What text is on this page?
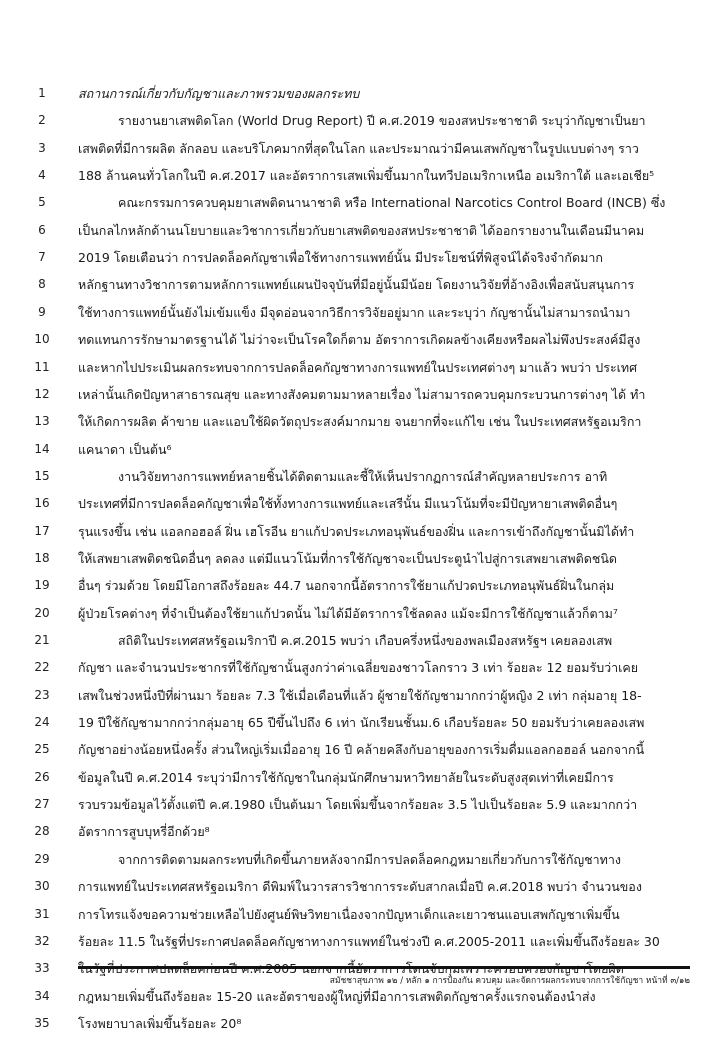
1	สถานการณ์เกี่ยวกับกัญชาและภาพรวมของผลกระทบ
2	รายงานยาเสพติดโลก (World Drug Report) ปี ค.ศ.2019 ของสหประชาชาติ ระบุว่ากัญชาเป็นยา
3	เสพติดที่มีการผลิต ลักลอบ และบริโภคมากที่สุดในโลก และประมาณว่ามีคนเสพกัญชาในรูปแบบต่างๆ ราว
4	188 ล้านคนทั่วโลกในปี ค.ศ.2017 และอัตราการเสพเพิ่มขึ้นมากในทวีปอเมริกาเหนือ อเมริกาใต้ และเอเชีย⁵
5	คณะกรรมการควบคุมยาเสพติดนานาชาติ หรือ International Narcotics Control Board (INCB) ซึ่ง
6	เป็นกลไกหลักด้านนโยบายและวิชาการเกี่ยวกับยาเสพติดของสหประชาชาติ ได้ออกรายงานในเดือนมีนาคม
7	2019 โดยเตือนว่า การปลดล็อคกัญชาเพื่อใช้ทางการแพทย์นั้น มีประโยชน์ที่พิสูจน์ได้จริงจำกัดมาก
8	หลักฐานทางวิชาการตามหลักการแพทย์แผนปัจจุบันที่มีอยู่นั้นมีน้อย โดยงานวิจัยที่อ้างอิงเพื่อสนับสนุนการ
9	ใช้ทางการแพทย์นั้นยังไม่เข้มแข็ง มีจุดอ่อนจากวิธีการวิจัยอยู่มาก และระบุว่า กัญชานั้นไม่สามารถนำมา
10	ทดแทนการรักษามาตรฐานได้ ไม่ว่าจะเป็นโรคใดก็ตาม อัตราการเกิดผลข้างเคียงหรือผลไม่พึงประสงค์มีสูง
11	และหากไปประเมินผลกระทบจากการปลดล็อคกัญชาทางการแพทย์ในประเทศต่างๆ มาแล้ว พบว่า ประเทศ
12	เหล่านั้นเกิดปัญหาสาธารณสุข และทางสังคมตามมาหลายเรื่อง ไม่สามารถควบคุมกระบวนการต่างๆ ได้ ทำ
13	ให้เกิดการผลิต ค้าขาย และแอบใช้ผิดวัตถุประสงค์มากมาย จนยากที่จะแก้ไข เช่น ในประเทศสหรัฐอเมริกา
14	แคนาดา เป็นต้น⁶
15	งานวิจัยทางการแพทย์หลายชิ้นได้ติดตามและชี้ให้เห็นปรากฏการณ์สำคัญหลายประการ อาทิ
16	ประเทศที่มีการปลดล็อคกัญชาเพื่อใช้ทั้งทางการแพทย์และเสรีนั้น มีแนวโน้มที่จะมีปัญหายาเสพติดอื่นๆ
17	รุนแรงขึ้น เช่น แอลกอฮอล์ ฝิ่น เฮโรอีน ยาแก้ปวดประเภทอนุพันธ์ของฝิ่น และการเข้าถึงกัญชานั้นมิได้ทำ
18	ให้เสพยาเสพติดชนิดอื่นๆ ลดลง แต่มีแนวโน้มที่การใช้กัญชาจะเป็นประตูนำไปสู่การเสพยาเสพติดชนิด
19	อื่นๆ ร่วมด้วย โดยมีโอกาสถึงร้อยละ 44.7 นอกจากนี้อัตราการใช้ยาแก้ปวดประเภทอนุพันธ์ฝิ่นในกลุ่ม
20	ผู้ป่วยโรคต่างๆ ที่จำเป็นต้องใช้ยาแก้ปวดนั้น ไม่ได้มีอัตราการใช้ลดลง แม้จะมีการใช้กัญชาแล้วก็ตาม⁷
21	สถิติในประเทศสหรัฐอเมริกาปี ค.ศ.2015 พบว่า เกือบครึ่งหนึ่งของพลเมืองสหรัฐฯ เคยลองเสพ
22	กัญชา และจำนวนประชากรที่ใช้กัญชานั้นสูงกว่าค่าเฉลี่ยของชาวโลกราว 3 เท่า ร้อยละ 12 ยอมรับว่าเคย
23	เสพในช่วงหนึ่งปีที่ผ่านมา ร้อยละ 7.3 ใช้เมื่อเดือนที่แล้ว ผู้ชายใช้กัญชามากกว่าผู้หญิง 2 เท่า กลุ่มอายุ 18-
24	19 ปีใช้กัญชามากกว่ากลุ่มอายุ 65 ปีขึ้นไปถึง 6 เท่า นักเรียนชั้นม.6 เกือบร้อยละ 50 ยอมรับว่าเคยลองเสพ
25	กัญชาอย่างน้อยหนึ่งครั้ง ส่วนใหญ่เริ่มเมื่ออายุ 16 ปี คล้ายคลึงกับอายุของการเริ่มดื่มแอลกอฮอล์ นอกจากนี้
26	ข้อมูลในปี ค.ศ.2014 ระบุว่ามีการใช้กัญชาในกลุ่มนักศึกษามหาวิทยาลัยในระดับสูงสุดเท่าที่เคยมีการ
27	รวบรวมข้อมูลไว้ตั้งแต่ปี ค.ศ.1980 เป็นต้นมา โดยเพิ่มขึ้นจากร้อยละ 3.5 ไปเป็นร้อยละ 5.9 และมากกว่า
28	อัตราการสูบบุหรี่อีกด้วย⁸
29	จากการติดตามผลกระทบที่เกิดขึ้นภายหลังจากมีการปลดล็อคกฎหมายเกี่ยวกับการใช้กัญชาทาง
30	การแพทย์ในประเทศสหรัฐอเมริกา ดีพิมพ์ในวารสารวิชาการระดับสากลเมื่อปี ค.ศ.2018 พบว่า จำนวนของ
31	การโทรแจ้งขอความช่วยเหลือไปยังศูนย์พิษวิทยาเนื่องจากปัญหาเด็กและเยาวชนแอบเสพกัญชาเพิ่มขึ้น
32	ร้อยละ 11.5 ในรัฐที่ประกาศปลดล็อคกัญชาทางการแพทย์ในช่วงปี ค.ศ.2005-2011 และเพิ่มขึ้นถึงร้อยละ 30
33
34	กฎหมายเพิ่มขึ้นถึงร้อยละ 15-20 และอัตราของผู้ใหญ่ที่มีอาการเสพติดกัญชาครั้งแรกจนต้องนำส่ง
35	โรงพยาบาลเพิ่มขึ้นร้อยละ 20⁸
สมัชชาสุขภาพ ๑๒ / หลัก ๑ การป้องกัน ควบคุม และจัดการผลกระทบจากการใช้กัญชา หน้าที่ ๓/๑๒
